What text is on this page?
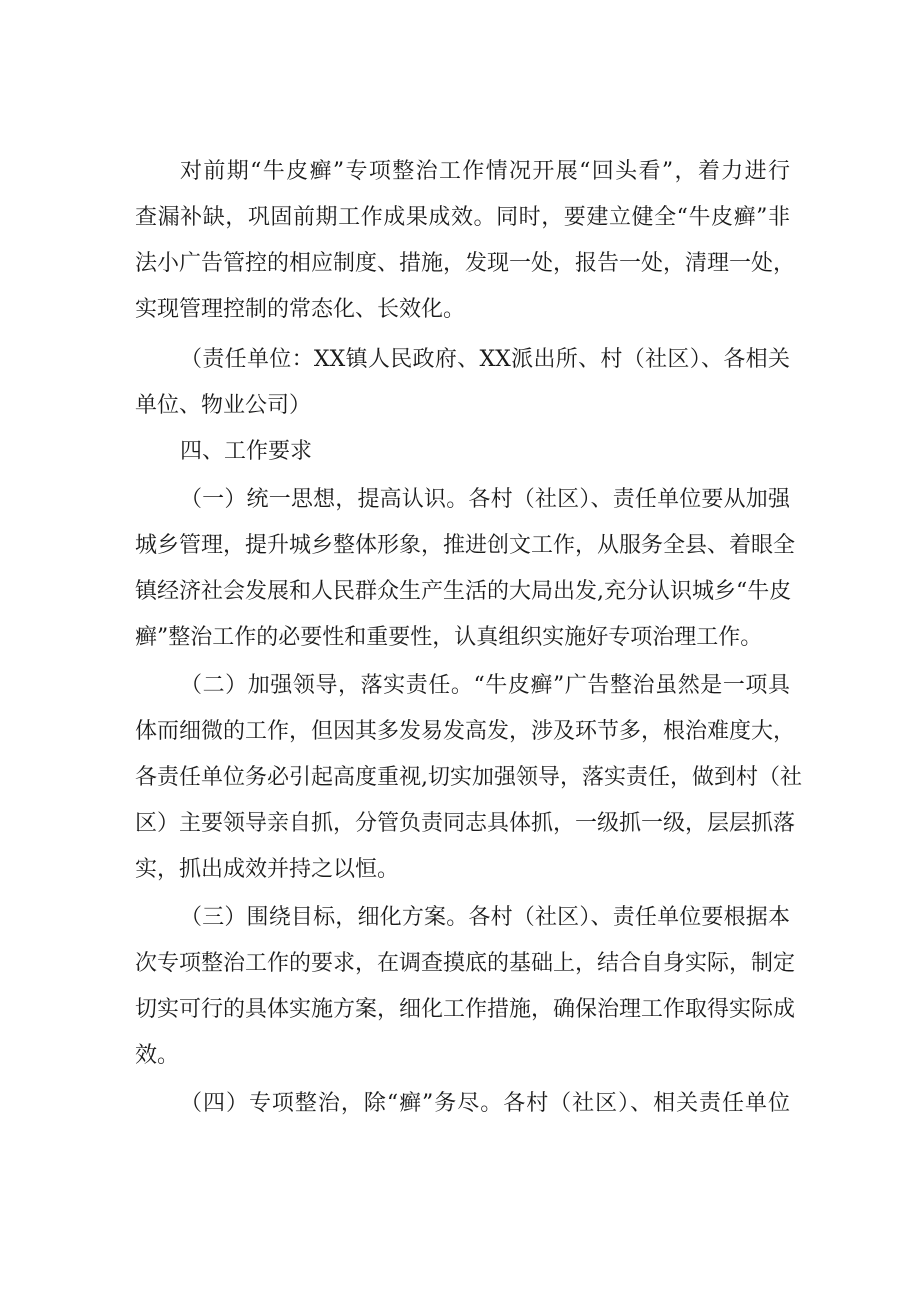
对前期“牛皮癣”专项整治工作情况开展“回头看”，着力进行
查漏补缺，巩固前期工作成果成效。同时，要建立健全“牛皮癣”非
法小广告管控的相应制度、措施，发现一处，报告一处，清理一处，
实现管理控制的常态化、长效化。
（责任单位：XX镇人民政府、XX派出所、村（社区）、各相关
单位、物业公司）
四、工作要求
（一）统一思想，提高认识。各村（社区）、责任单位要从加强
城乡管理，提升城乡整体形象，推进创文工作，从服务全县、着眼全
镇经济社会发展和人民群众生产生活的大局出发,充分认识城乡“牛皮
癣”整治工作的必要性和重要性，认真组织实施好专项治理工作。
（二）加强领导，落实责任。“牛皮癣”广告整治虽然是一项具
体而细微的工作，但因其多发易发高发，涉及环节多，根治难度大，
各责任单位务必引起高度重视,切实加强领导，落实责任，做到村（社
区）主要领导亲自抓，分管负责同志具体抓，一级抓一级，层层抓落
实，抓出成效并持之以恒。
（三）围绕目标，细化方案。各村（社区）、责任单位要根据本
次专项整治工作的要求，在调查摸底的基础上，结合自身实际，制定
切实可行的具体实施方案，细化工作措施，确保治理工作取得实际成
效。
（四）专项整治，除“癣”务尽。各村（社区）、相关责任单位
